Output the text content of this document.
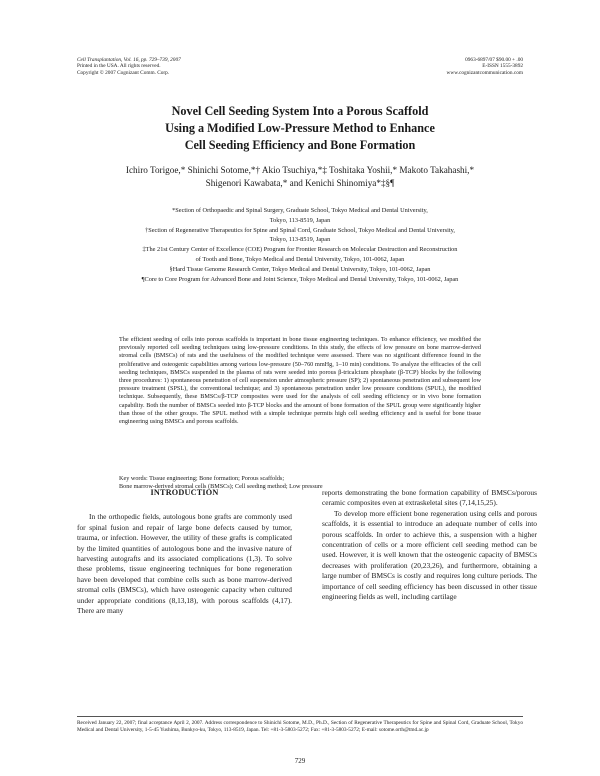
Cell Transplantation, Vol. 16, pp. 729–739, 2007
Printed in the USA. All rights reserved.
Copyright © 2007 Cognizant Comm. Corp.
0963-6897/07 $90.00 + .00
E-ISSN 1555-3892
www.cognizantcommunication.com
Novel Cell Seeding System Into a Porous Scaffold
Using a Modified Low-Pressure Method to Enhance
Cell Seeding Efficiency and Bone Formation
Ichiro Torigoe,* Shinichi Sotome,*† Akio Tsuchiya,*‡ Toshitaka Yoshii,* Makoto Takahashi,*
Shigenori Kawabata,* and Kenichi Shinomiya*‡§¶
*Section of Orthopaedic and Spinal Surgery, Graduate School, Tokyo Medical and Dental University,
Tokyo, 113-8519, Japan
†Section of Regenerative Therapeutics for Spine and Spinal Cord, Graduate School, Tokyo Medical and Dental University,
Tokyo, 113-8519, Japan
‡The 21st Century Center of Excellence (COE) Program for Frontier Research on Molecular Destruction and Reconstruction
of Tooth and Bone, Tokyo Medical and Dental University, Tokyo, 101-0062, Japan
§Hard Tissue Genome Research Center, Tokyo Medical and Dental University, Tokyo, 101-0062, Japan
¶Core to Core Program for Advanced Bone and Joint Science, Tokyo Medical and Dental University, Tokyo, 101-0062, Japan
The efficient seeding of cells into porous scaffolds is important in bone tissue engineering techniques. To enhance efficiency, we modified the previously reported cell seeding techniques using low-pressure conditions. In this study, the effects of low pressure on bone marrow-derived stromal cells (BMSCs) of rats and the usefulness of the modified technique were assessed. There was no significant difference found in the proliferative and osteogenic capabilities among various low-pressure (50–760 mmHg, 1–10 min) conditions. To analyze the efficacies of the cell seeding techniques, BMSCs suspended in the plasma of rats were seeded into porous β-tricalcium phosphate (β-TCP) blocks by the following three procedures: 1) spontaneous penetration of cell suspension under atmospheric pressure (SP); 2) spontaneous penetration and subsequent low pressure treatment (SPSL), the conventional technique; and 3) spontaneous penetration under low pressure conditions (SPUL), the modified technique. Subsequently, these BMSCs/β-TCP composites were used for the analysis of cell seeding efficiency or in vivo bone formation capability. Both the number of BMSCs seeded into β-TCP blocks and the amount of bone formation of the SPUL group were significantly higher than those of the other groups. The SPUL method with a simple technique permits high cell seeding efficiency and is useful for bone tissue engineering using BMSCs and porous scaffolds.
Key words: Tissue engineering; Bone formation; Porous scaffolds;
Bone marrow-derived stromal cells (BMSCs); Cell seeding method; Low pressure
INTRODUCTION

In the orthopedic fields, autologous bone grafts are commonly used for spinal fusion and repair of large bone defects caused by tumor, trauma, or infection. However, the utility of these grafts is complicated by the limited quantities of autologous bone and the invasive nature of harvesting autografts and its associated complications (1,3). To solve these problems, tissue engineering techniques for bone regeneration have been developed that combine cells such as bone marrow-derived stromal cells (BMSCs), which have osteogenic capacity when cultured under appropriate conditions (8,13,18), with porous scaffolds (4,17). There are many

reports demonstrating the bone formation capability of BMSCs/porous ceramic composites even at extraskeletal sites (7,14,15,25).

To develop more efficient bone regeneration using cells and porous scaffolds, it is essential to introduce an adequate number of cells into porous scaffolds. In order to achieve this, a suspension with a higher concentration of cells or a more efficient cell seeding method can be used. However, it is well known that the osteogenic capacity of BMSCs decreases with proliferation (20,23,26), and furthermore, obtaining a large number of BMSCs is costly and requires long culture periods. The importance of cell seeding efficiency has been discussed in other tissue engineering fields as well, including cartilage

Received January 22, 2007; final acceptance April 2, 2007. Address correspondence to Shinichi Sotome, M.D., Ph.D., Section of Regenerative Therapeutics for Spine and Spinal Cord, Graduate School, Tokyo Medical and Dental University, 1-5-45 Yushima, Bunkyo-ku, Tokyo, 113-8519, Japan. Tel: +81-3-5803-5272; Fax: +81-3-5803-5272; E-mail: sotome.orth@tmd.ac.jp
729
